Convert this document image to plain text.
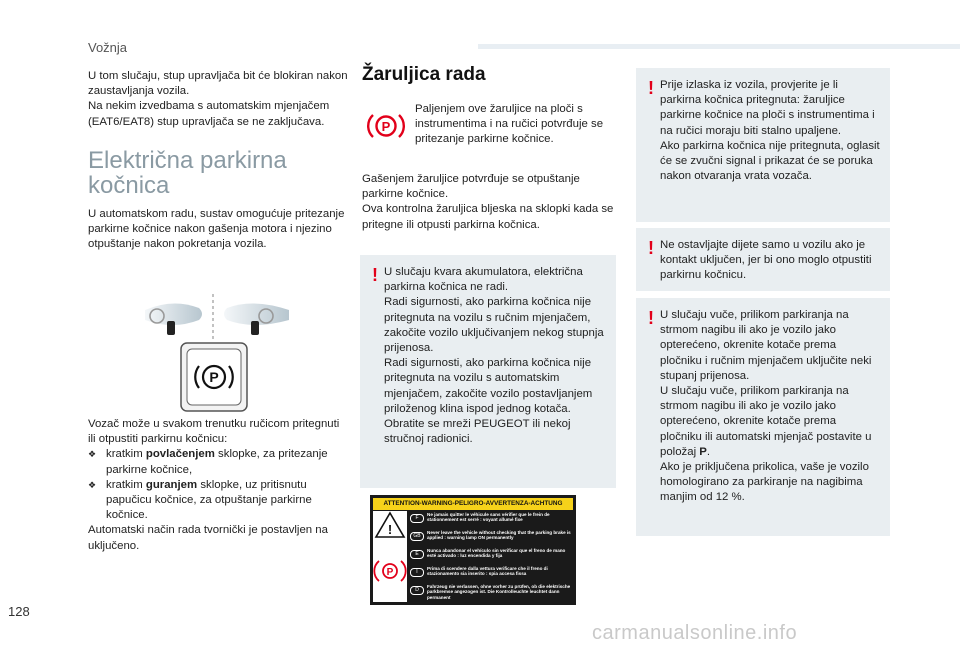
Vožnja

U tom slučaju, stup upravljača bit će blokiran nakon zaustavljanja vozila.

Na nekim izvedbama s automatskim mjenjačem (EAT6/EAT8) stup upravljača se ne zaključava.

Električna parkirna kočnica

U automatskom radu, sustav omogućuje pritezanje parkirne kočnice nakon gašenja motora i njezino otpuštanje nakon pokretanja vozila.

P

Vozač može u svakom trenutku ručicom pritegnuti ili otpustiti parkirnu kočnicu:

❖ kratkim povlačenjem sklopke, za pritezanje parkirne kočnice,
❖ kratkim guranjem sklopke, uz pritisnutu papučicu kočnice, za otpuštanje parkirne kočnice.

Automatski način rada tvornički je postavljen na uključeno.

Žaruljica rada
P

Paljenjem ove žaruljice na ploči s instrumentima i na ručici potvrđuje se pritezanje parkirne kočnice.

Gašenjem žaruljice potvrđuje se otpuštanje parkirne kočnice.

Ova kontrolna žaruljica bljeska na sklopki kada se pritegne ili otpusti parkirna kočnica.

! U slučaju kvara akumulatora, električna parkirna kočnica ne radi.

Radi sigurnosti, ako parkirna kočnica nije pritegnuta na vozilu s ručnim mjenjačem, zakočite vozilo uključivanjem nekog stupnja prijenosa.

Radi sigurnosti, ako parkirna kočnica nije pritegnuta na vozilu s automatskim mjenjačem, zakočite vozilo postavljanjem priloženog klina ispod jednog kotača.

Obratite se mreži PEUGEOT ili nekoj stručnoj radionici.

ATTENTION-WARNING-PELIGRO-AVVERTENZA-ACHTUNG
!
P
F
Ne jamais quitter le véhicule sans vérifier que le frein de stationnement est serré : voyant allumé fixe
GB
Never leave the vehicle without checking that the parking brake is applied : warning lamp ON permanently
E
Nunca abandonar el vehículo sin verificar que el freno de mano esté activado : luz encendida y fija
I
Prima di scendere dalla vettura verificare che il freno di stazionamento sia inserito : spia accesa fissa
D
Fahrzeug nie verlassen, ohne vorher zu prüfen, ob die elektrische parkbremse angezogen ist. Die Kontrolleuchte leuchtet dann permanent
! Prije izlaska iz vozila, provjerite je li parkirna kočnica pritegnuta: žaruljice parkirne kočnice na ploči s instrumentima i na ručici moraju biti stalno upaljene.

Ako parkirna kočnica nije pritegnuta, oglasit će se zvučni signal i prikazat će se poruka nakon otvaranja vrata vozača.

! Ne ostavljajte dijete samo u vozilu ako je kontakt uključen, jer bi ono moglo otpustiti parkirnu kočnicu.
! U slučaju vuče, prilikom parkiranja na strmom nagibu ili ako je vozilo jako opterećeno, okrenite kotače prema pločniku i ručnim mjenjačem uključite neki stupanj prijenosa.

U slučaju vuče, prilikom parkiranja na strmom nagibu ili ako je vozilo jako opterećeno, okrenite kotače prema pločniku ili automatski mjenjač postavite u položaj P.

Ako je priključena prikolica, vaše je vozilo homologirano za parkiranje na nagibima manjim od 12 %.

128
carmanualsonline.info
